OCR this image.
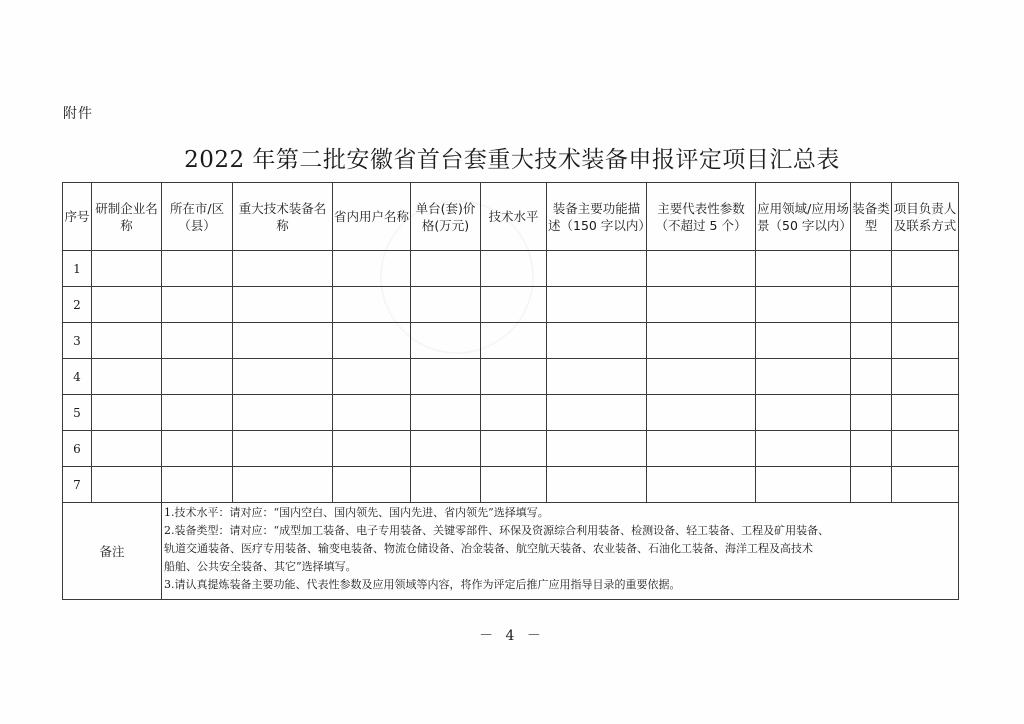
附件
2022 年第二批安徽省首台套重大技术装备申报评定项目汇总表
序号	研制企业名称	所在市/区（县）	重大技术装备名称	省内用户名称	单台(套)价格(万元)	技术水平	装备主要功能描述（150 字以内）	主要代表性参数（不超过 5 个）	应用领域/应用场景（50 字以内）	装备类型	项目负责人及联系方式
1											
2											
3											
4											
5											
6											
7											
备注		1.技术水平：请对应：“国内空白、国内领先、国内先进、省内领先”选择填写。
2.装备类型：请对应：“成型加工装备、电子专用装备、关键零部件、环保及资源综合利用装备、检测设备、轻工装备、工程及矿用装备、
轨道交通装备、医疗专用装备、输变电装备、物流仓储设备、冶金装备、航空航天装备、农业装备、石油化工装备、海洋工程及高技术
船舶、公共安全装备、其它”选择填写。
3.请认真提炼装备主要功能、代表性参数及应用领域等内容，将作为评定后推广应用指导目录的重要依据。									
－ 4 －
